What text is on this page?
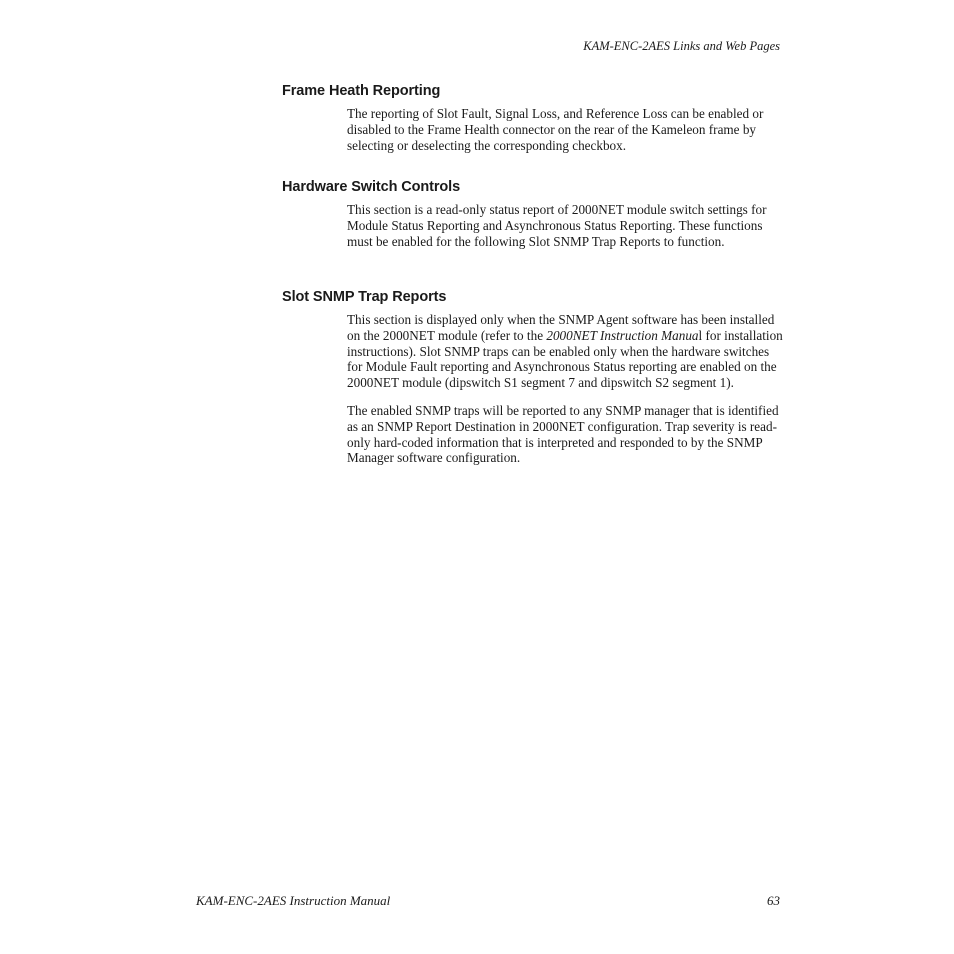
KAM-ENC-2AES Links and Web Pages
Frame Heath Reporting

The reporting of Slot Fault, Signal Loss, and Reference Loss can be enabled or disabled to the Frame Health connector on the rear of the Kameleon frame by selecting or deselecting the corresponding checkbox.

Hardware Switch Controls

This section is a read-only status report of 2000NET module switch settings for Module Status Reporting and Asynchronous Status Reporting. These functions must be enabled for the following Slot SNMP Trap Reports to function.

Slot SNMP Trap Reports

This section is displayed only when the SNMP Agent software has been installed on the 2000NET module (refer to the 2000NET Instruction Manual for installation instructions). Slot SNMP traps can be enabled only when the hardware switches for Module Fault reporting and Asynchronous Status reporting are enabled on the 2000NET module (dipswitch S1 segment 7 and dipswitch S2 segment 1).

The enabled SNMP traps will be reported to any SNMP manager that is identified as an SNMP Report Destination in 2000NET configuration. Trap severity is read-only hard-coded information that is interpreted and responded to by the SNMP Manager software configuration.

KAM-ENC-2AES Instruction Manual	63
